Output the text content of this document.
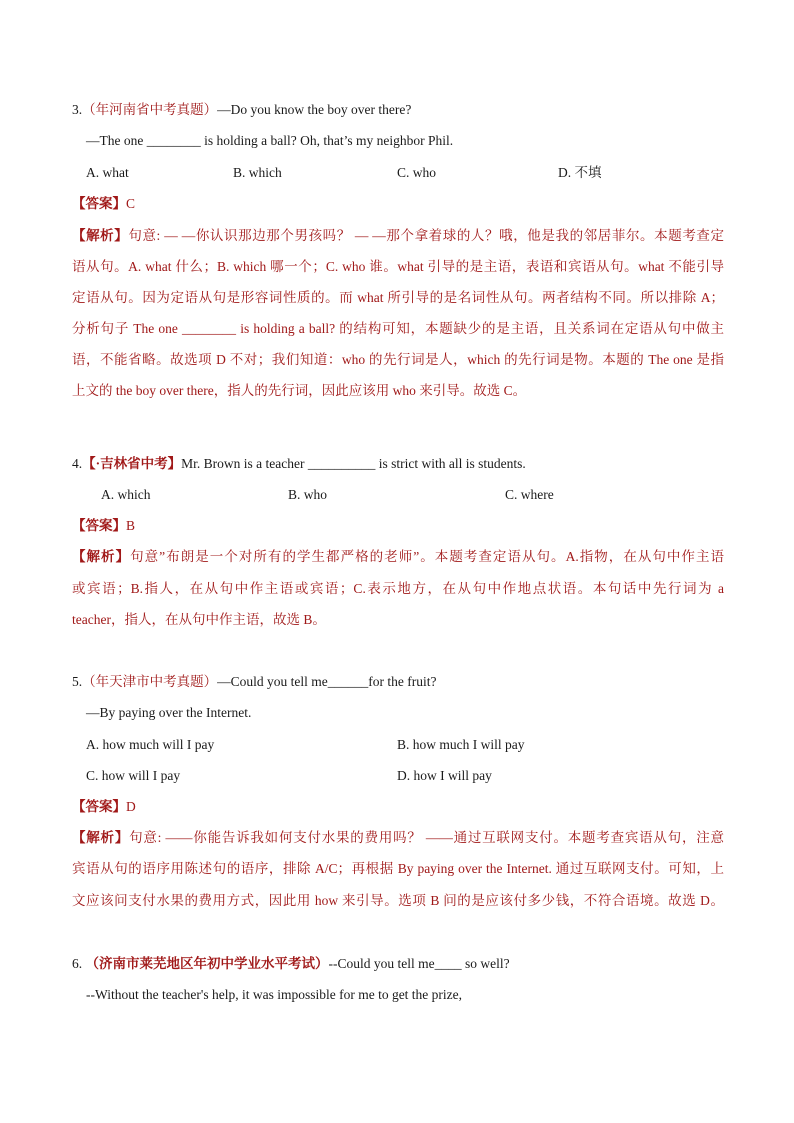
3.（年河南省中考真题）—Do you know the boy over there?
—The one ________ is holding a ball? Oh, that’s my neighbor Phil.
A. what	B. which	C. who	D. 不填
【答案】C
【解析】句意: — —你认识那边那个男孩吗？ — —那个拿着球的人？哦，他是我的邻居菲尔。本题考查定
语从句。A. what 什么；B. which 哪一个；C. who 谁。what 引导的是主语，表语和宾语从句。what 不能引导
定语从句。因为定语从句是形容词性质的。而 what 所引导的是名词性从句。两者结构不同。所以排除 A；
分析句子 The one ________ is holding a ball? 的结构可知，本题缺少的是主语，且关系词在定语从句中做主
语，不能省略。故选项 D 不对；我们知道：who 的先行词是人，which 的先行词是物。本题的 The one 是指
上文的 the boy over there，指人的先行词，因此应该用 who 来引导。故选 C。
4.【·吉林省中考】Mr. Brown is a teacher __________ is strict with all is students.
A. which	B. who	C. where
【答案】B
【解析】句意”布朗是一个对所有的学生都严格的老师”。本题考查定语从句。A.指物，在从句中作主语
或宾语；B.指人，在从句中作主语或宾语；C.表示地方，在从句中作地点状语。本句话中先行词为 a
teacher，指人，在从句中作主语，故选 B。
5.（年天津市中考真题）—Could you tell me______for the fruit?
—By paying over the Internet.
A. how much will I pay	B. how much I will pay
C. how will I pay	D. how I will pay
【答案】D
【解析】句意: ——你能告诉我如何支付水果的费用吗？ ——通过互联网支付。本题考查宾语从句，注意
宾语从句的语序用陈述句的语序，排除 A/C；再根据 By paying over the Internet. 通过互联网支付。可知，上
文应该问支付水果的费用方式，因此用 how 来引导。选项 B 问的是应该付多少钱，不符合语境。故选 D。
6. （济南市莱芜地区年初中学业水平考试）--Could you tell me____ so well?
--Without the teacher's help, it was impossible for me to get the prize,
